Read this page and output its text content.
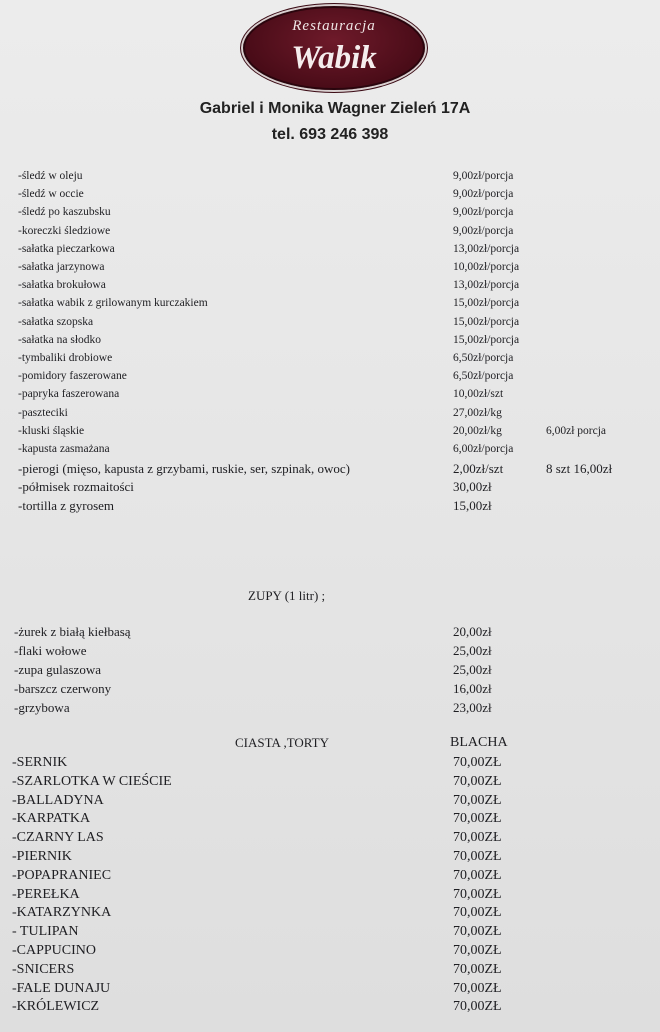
Restauracja
Wabik
Gabriel i Monika Wagner Zieleń 17A
tel. 693 246 398
-śledź w oleju	9,00zł/porcja
-śledź w occie	9,00zł/porcja
-śledź po kaszubsku	9,00zł/porcja
-koreczki śledziowe	9,00zł/porcja
-sałatka pieczarkowa	13,00zł/porcja
-sałatka jarzynowa	10,00zł/porcja
-sałatka brokułowa	13,00zł/porcja
-sałatka wabik z grilowanym kurczakiem	15,00zł/porcja
-sałatka szopska	15,00zł/porcja
-sałatka na słodko	15,00zł/porcja
-tymbaliki drobiowe	6,50zł/porcja
-pomidory faszerowane	6,50zł/porcja
-papryka faszerowana	10,00zł/szt
-paszteciki	27,00zł/kg
-kluski śląskie	20,00zł/kg	6,00zł porcja
-kapusta zasmażana	6,00zł/porcja
-pierogi (mięso, kapusta z grzybami, ruskie, ser, szpinak, owoc)	2,00zł/szt	8 szt 16,00zł
-półmisek rozmaitości	30,00zł
-tortilla z gyrosem	15,00zł
ZUPY (1 litr) ;
-żurek z białą kiełbasą	20,00zł
-flaki wołowe	25,00zł
-zupa gulaszowa	25,00zł
-barszcz czerwony	16,00zł
-grzybowa	23,00zł
CIASTA ,TORTY	BLACHA
-SERNIK	70,00ZŁ
-SZARLOTKA W CIEŚCIE	70,00ZŁ
-BALLADYNA	70,00ZŁ
-KARPATKA	70,00ZŁ
-CZARNY LAS	70,00ZŁ
-PIERNIK	70,00ZŁ
-POPAPRANIEC	70,00ZŁ
-PEREŁKA	70,00ZŁ
-KATARZYNKA	70,00ZŁ
- TULIPAN	70,00ZŁ
-CAPPUCINO	70,00ZŁ
-SNICERS	70,00ZŁ
-FALE DUNAJU	70,00ZŁ
-KRÓLEWICZ	70,00ZŁ
